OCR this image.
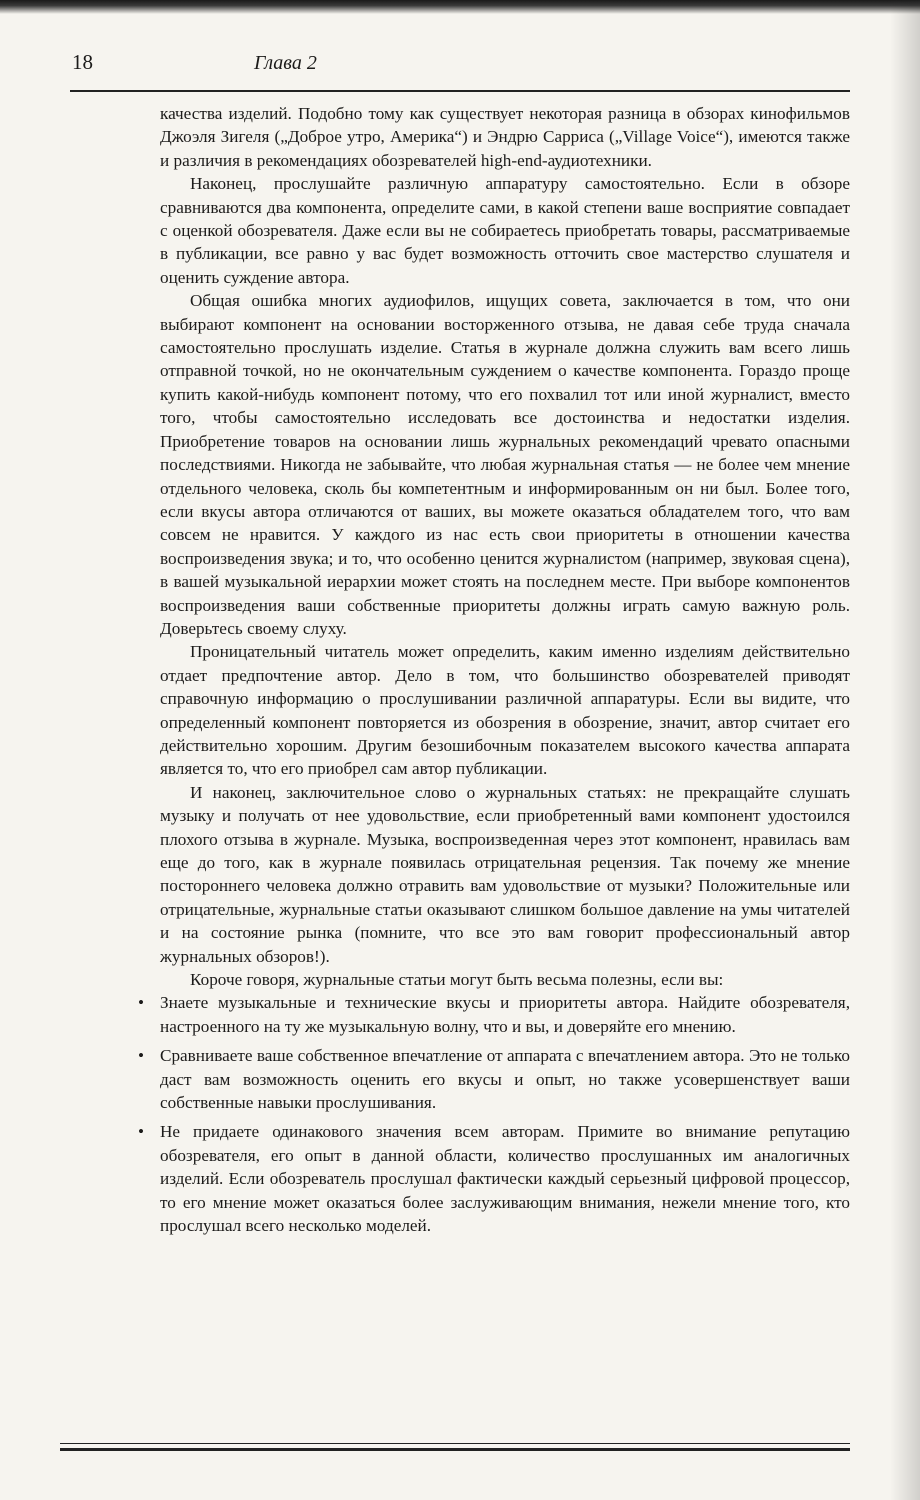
18	Глава 2

качества изделий. Подобно тому как существует некоторая разница в обзорах кинофильмов Джоэля Зигеля („Доброе утро, Америка“) и Эндрю Сарриса („Village Voice“), имеются также и различия в рекомендациях обозревателей high-end-аудиотехники.

Наконец, прослушайте различную аппаратуру самостоятельно. Если в обзоре сравниваются два компонента, определите сами, в какой степени ваше восприятие совпадает с оценкой обозревателя. Даже если вы не собираетесь приобретать товары, рассматриваемые в публикации, все равно у вас будет возможность отточить свое мастерство слушателя и оценить суждение автора.

Общая ошибка многих аудиофилов, ищущих совета, заключается в том, что они выбирают компонент на основании восторженного отзыва, не давая себе труда сначала самостоятельно прослушать изделие. Статья в журнале должна служить вам всего лишь отправной точкой, но не окончательным суждением о качестве компонента. Гораздо проще купить какой-нибудь компонент потому, что его похвалил тот или иной журналист, вместо того, чтобы самостоятельно исследовать все достоинства и недостатки изделия. Приобретение товаров на основании лишь журнальных рекомендаций чревато опасными последствиями. Никогда не забывайте, что любая журнальная статья — не более чем мнение отдельного человека, сколь бы компетентным и информированным он ни был. Более того, если вкусы автора отличаются от ваших, вы можете оказаться обладателем того, что вам совсем не нравится. У каждого из нас есть свои приоритеты в отношении качества воспроизведения звука; и то, что особенно ценится журналистом (например, звуковая сцена), в вашей музыкальной иерархии может стоять на последнем месте. При выборе компонентов воспроизведения ваши собственные приоритеты должны играть самую важную роль. Доверьтесь своему слуху.

Проницательный читатель может определить, каким именно изделиям действительно отдает предпочтение автор. Дело в том, что большинство обозревателей приводят справочную информацию о прослушивании различной аппаратуры. Если вы видите, что определенный компонент повторяется из обозрения в обозрение, значит, автор считает его действительно хорошим. Другим безошибочным показателем высокого качества аппарата является то, что его приобрел сам автор публикации.

И наконец, заключительное слово о журнальных статьях: не прекращайте слушать музыку и получать от нее удовольствие, если приобретенный вами компонент удостоился плохого отзыва в журнале. Музыка, воспроизведенная через этот компонент, нравилась вам еще до того, как в журнале появилась отрицательная рецензия. Так почему же мнение постороннего человека должно отравить вам удовольствие от музыки? Положительные или отрицательные, журнальные статьи оказывают слишком большое давление на умы читателей и на состояние рынка (помните, что все это вам говорит профессиональный автор журнальных обзоров!).

Короче говоря, журнальные статьи могут быть весьма полезны, если вы:

• Знаете музыкальные и технические вкусы и приоритеты автора. Найдите обозревателя, настроенного на ту же музыкальную волну, что и вы, и доверяйте его мнению.
• Сравниваете ваше собственное впечатление от аппарата с впечатлением автора. Это не только даст вам возможность оценить его вкусы и опыт, но также усовершенствует ваши собственные навыки прослушивания.
• Не придаете одинакового значения всем авторам. Примите во внимание репутацию обозревателя, его опыт в данной области, количество прослушанных им аналогичных изделий. Если обозреватель прослушал фактически каждый серьезный цифровой процессор, то его мнение может оказаться более заслуживающим внимания, нежели мнение того, кто прослушал всего несколько моделей.
